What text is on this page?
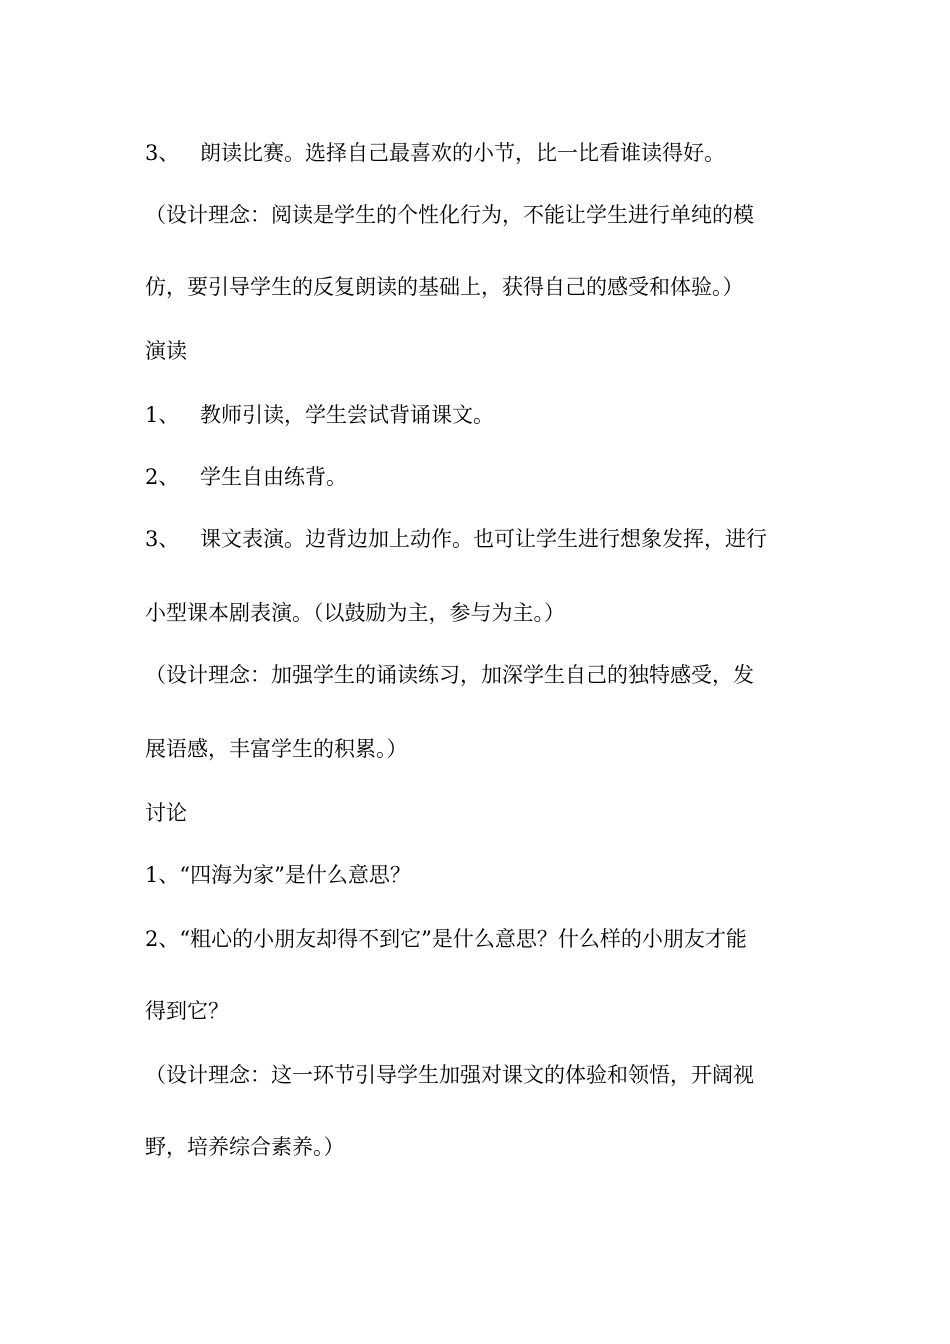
3、 朗读比赛。选择自己最喜欢的小节，比一比看谁读得好。
（设计理念：阅读是学生的个性化行为，不能让学生进行单纯的模
仿，要引导学生的反复朗读的基础上，获得自己的感受和体验。）
演读
1、 教师引读，学生尝试背诵课文。
2、 学生自由练背。
3、 课文表演。边背边加上动作。也可让学生进行想象发挥，进行
小型课本剧表演。（以鼓励为主，参与为主。）
（设计理念：加强学生的诵读练习，加深学生自己的独特感受，发
展语感，丰富学生的积累。）
讨论
1、“四海为家”是什么意思？
2、“粗心的小朋友却得不到它”是什么意思？什么样的小朋友才能
得到它？
（设计理念：这一环节引导学生加强对课文的体验和领悟，开阔视
野，培养综合素养。）
